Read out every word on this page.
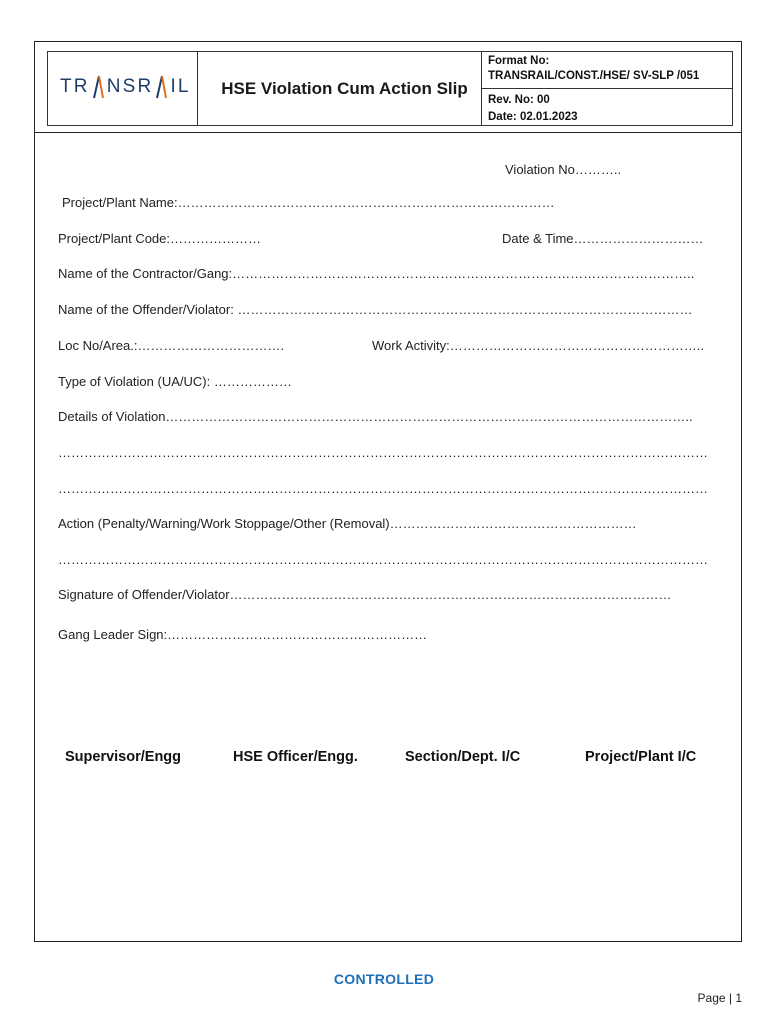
TR NSR IL	HSE Violation Cum Action Slip
Format No:
TRANSRAIL/CONST./HSE/ SV-SLP /051
Rev. No: 00
Date: 02.01.2023
Violation No………..
Project/Plant Name:……………………………………………………………………………
Project/Plant Code:…………………	Date & Time…………………………
Name of the Contractor/Gang:……………………………………………………………………………………………..
Name of the Offender/Violator: ……………………………………………………………………………………………
Loc No/Area.:…………………………….	Work Activity:…………………………………………………..
Type of Violation (UA/UC): ………………
Details of Violation…………………………………………………………………………………………………………..
……………………………………………………………………………………………………………………………………
……………………………………………………………………………………………………………………………………
Action (Penalty/Warning/Work Stoppage/Other (Removal)…………………………………………………
……………………………………………………………………………………………………………………………………
Signature of Offender/Violator…………………………………………………………………………………………
Gang Leader Sign:……………………………………………………
Supervisor/Engg	HSE Officer/Engg.	Section/Dept. I/C	Project/Plant I/C
CONTROLLED
Page | 1
